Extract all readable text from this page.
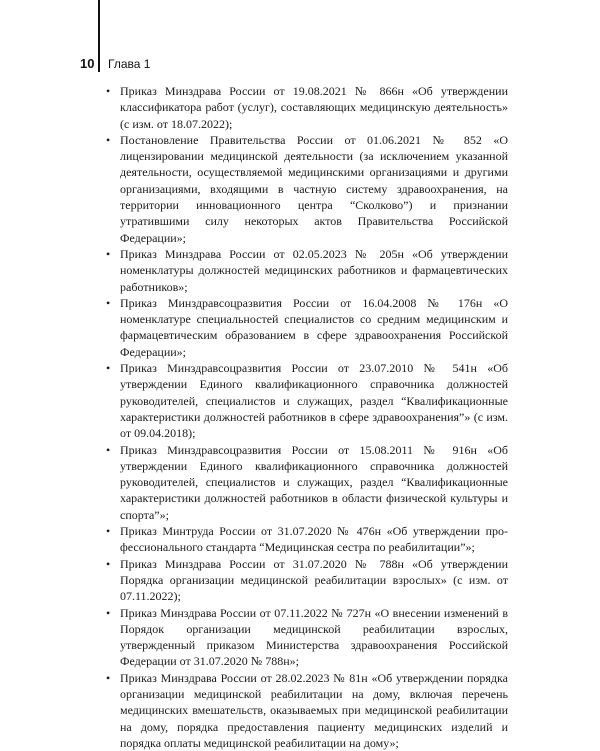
10 Глава 1
• Приказ Минздрава России от 19.08.2021 № 866н «Об утверждении классификатора работ (услуг), составляющих медицинскую деятельность» (с изм. от 18.07.2022);
• Постановление Правительства России от 01.06.2021 № 852 «О лицензировании медицинской деятельности (за исключением указанной деятельности, осуществляемой медицинскими организациями и другими организациями, входящими в частную систему здравоохранения, на территории инновационного центра “Сколково”) и признании утратившими силу некоторых актов Правительства Российской Федерации»;
• Приказ Минздрава России от 02.05.2023 № 205н «Об утверждении номенклатуры должностей медицинских работников и фармацевтических работников»;
• Приказ Минздравсоцразвития России от 16.04.2008 № 176н «О номенклатуре специальностей специалистов со средним медицинским и фармацевтическим образованием в сфере здравоохранения Российской Федерации»;
• Приказ Минздравсоцразвития России от 23.07.2010 № 541н «Об утверждении Единого квалификационного справочника должностей руководителей, специалистов и служащих, раздел “Квалификационные характеристики должностей работников в сфере здравоохранения”» (с изм. от 09.04.2018);
• Приказ Минздравсоцразвития России от 15.08.2011 № 916н «Об утверждении Единого квалификационного справочника должностей руководителей, специалистов и служащих, раздел “Квалификационные характеристики должностей работников в области физической культуры и спорта”»;
• Приказ Минтруда России от 31.07.2020 № 476н «Об утверждении профессионального стандарта “Медицинская сестра по реабилитации”»;
• Приказ Минздрава России от 31.07.2020 № 788н «Об утверждении Порядка организации медицинской реабилитации взрослых» (с изм. от 07.11.2022);
• Приказ Минздрава России от 07.11.2022 № 727н «О внесении изменений в Порядок организации медицинской реабилитации взрослых, утвержденный приказом Министерства здравоохранения Российской Федерации от 31.07.2020 № 788н»;
• Приказ Минздрава России от 28.02.2023 № 81н «Об утверждении порядка организации медицинской реабилитации на дому, включая перечень медицинских вмешательств, оказываемых при медицинской реабилитации на дому, порядка предоставления пациенту медицинских изделий и порядка оплаты медицинской реабилитации на дому»;
